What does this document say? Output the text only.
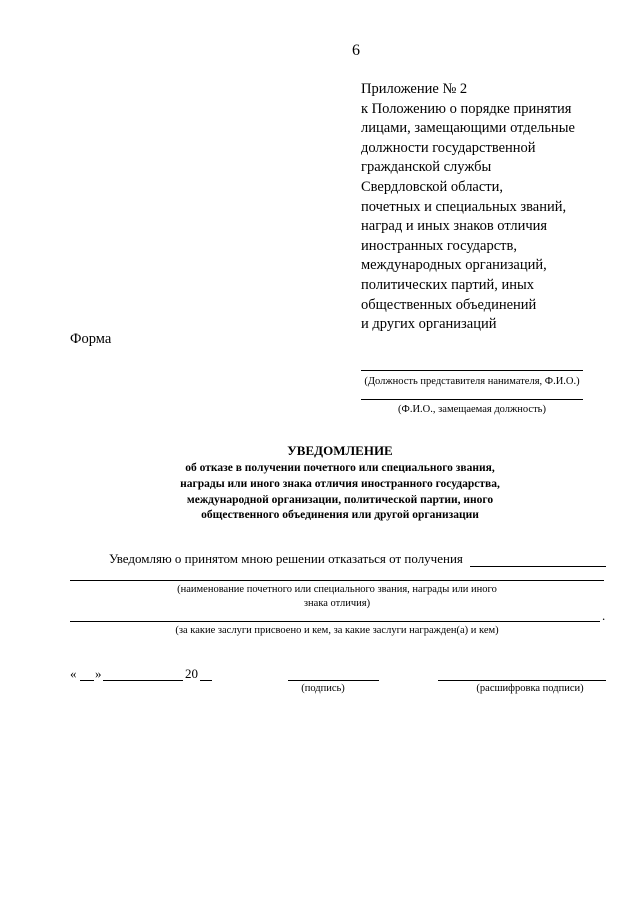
6
Приложение № 2
к Положению о порядке принятия
лицами, замещающими отдельные
должности государственной
гражданской службы
Свердловской области,
почетных и специальных званий,
наград и иных знаков отличия
иностранных государств,
международных организаций,
политических партий, иных
общественных объединений
и других организаций
Форма
(Должность представителя нанимателя, Ф.И.О.)
(Ф.И.О., замещаемая должность)
УВЕДОМЛЕНИЕ
об отказе в получении почетного или специального звания,
награды или иного знака отличия иностранного государства,
международной организации, политической партии, иного
общественного объединения или другой организации
Уведомляю о принятом мною решении отказаться от получения
(наименование почетного или специального звания, награды или иного
знака отличия)
.
(за какие заслуги присвоено и кем, за какие заслуги награжден(а) и кем)
« »	20
(подпись)	(расшифровка подписи)
